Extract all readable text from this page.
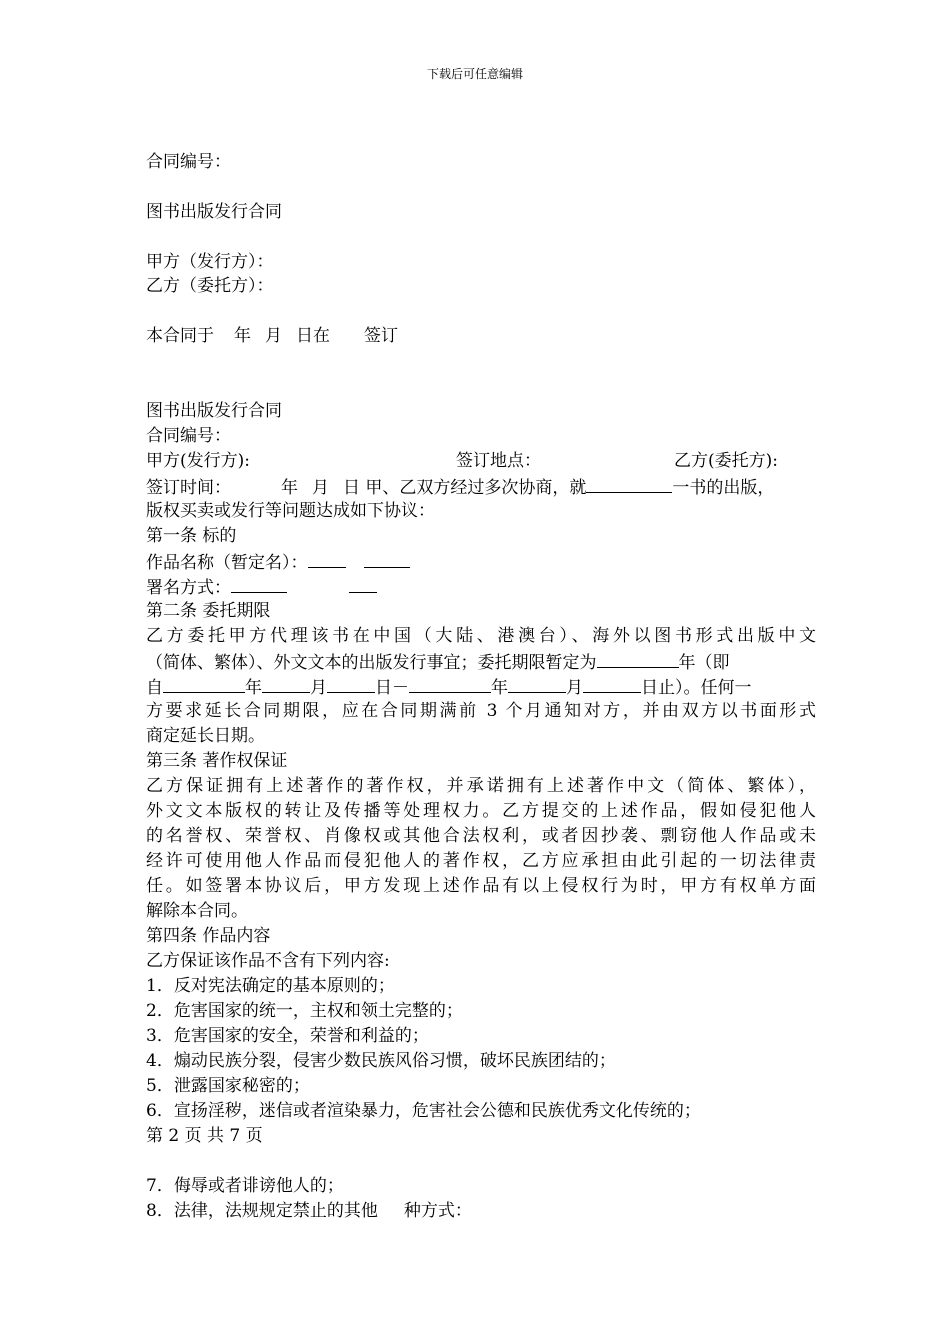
下载后可任意编辑
合同编号：
图书出版发行合同
甲方（发行方）：
乙方（委托方）：
本合同于 年 月 日在 签订
图书出版发行合同
合同编号：
甲方(发行方):	签订地点：	乙方(委托方):
签订时间：	年 月 日 甲、乙双方经过多次协商，就	一书的出版，
版权买卖或发行等问题达成如下协议：
第一条 标的
作品名称（暂定名）：
署名方式：
第二条 委托期限
乙方委托甲方代理该书在中国（大陆、港澳台）、海外以图书形式出版中文
（简体、繁体）、外文文本的出版发行事宜；委托期限暂定为	年（即
自	年	月	日－	年	月	日止）。任何一
方要求延长合同期限，应在合同期满前 3 个月通知对方，并由双方以书面形式
商定延长日期。
第三条 著作权保证
乙方保证拥有上述著作的著作权，并承诺拥有上述著作中文（简体、繁体），
外文文本版权的转让及传播等处理权力。乙方提交的上述作品，假如侵犯他人
的名誉权、荣誉权、肖像权或其他合法权利，或者因抄袭、剽窃他人作品或未
经许可使用他人作品而侵犯他人的著作权，乙方应承担由此引起的一切法律责
任。如签署本协议后，甲方发现上述作品有以上侵权行为时，甲方有权单方面
解除本合同。
第四条 作品内容
乙方保证该作品不含有下列内容:
1．反对宪法确定的基本原则的；
2．危害国家的统一，主权和领土完整的；
3．危害国家的安全，荣誉和利益的；
4．煽动民族分裂，侵害少数民族风俗习惯，破坏民族团结的；
5．泄露国家秘密的；
6．宣扬淫秽，迷信或者渲染暴力，危害社会公德和民族优秀文化传统的；
第 2 页 共 7 页
7．侮辱或者诽谤他人的；
8．法律，法规规定禁止的其他 种方式：
